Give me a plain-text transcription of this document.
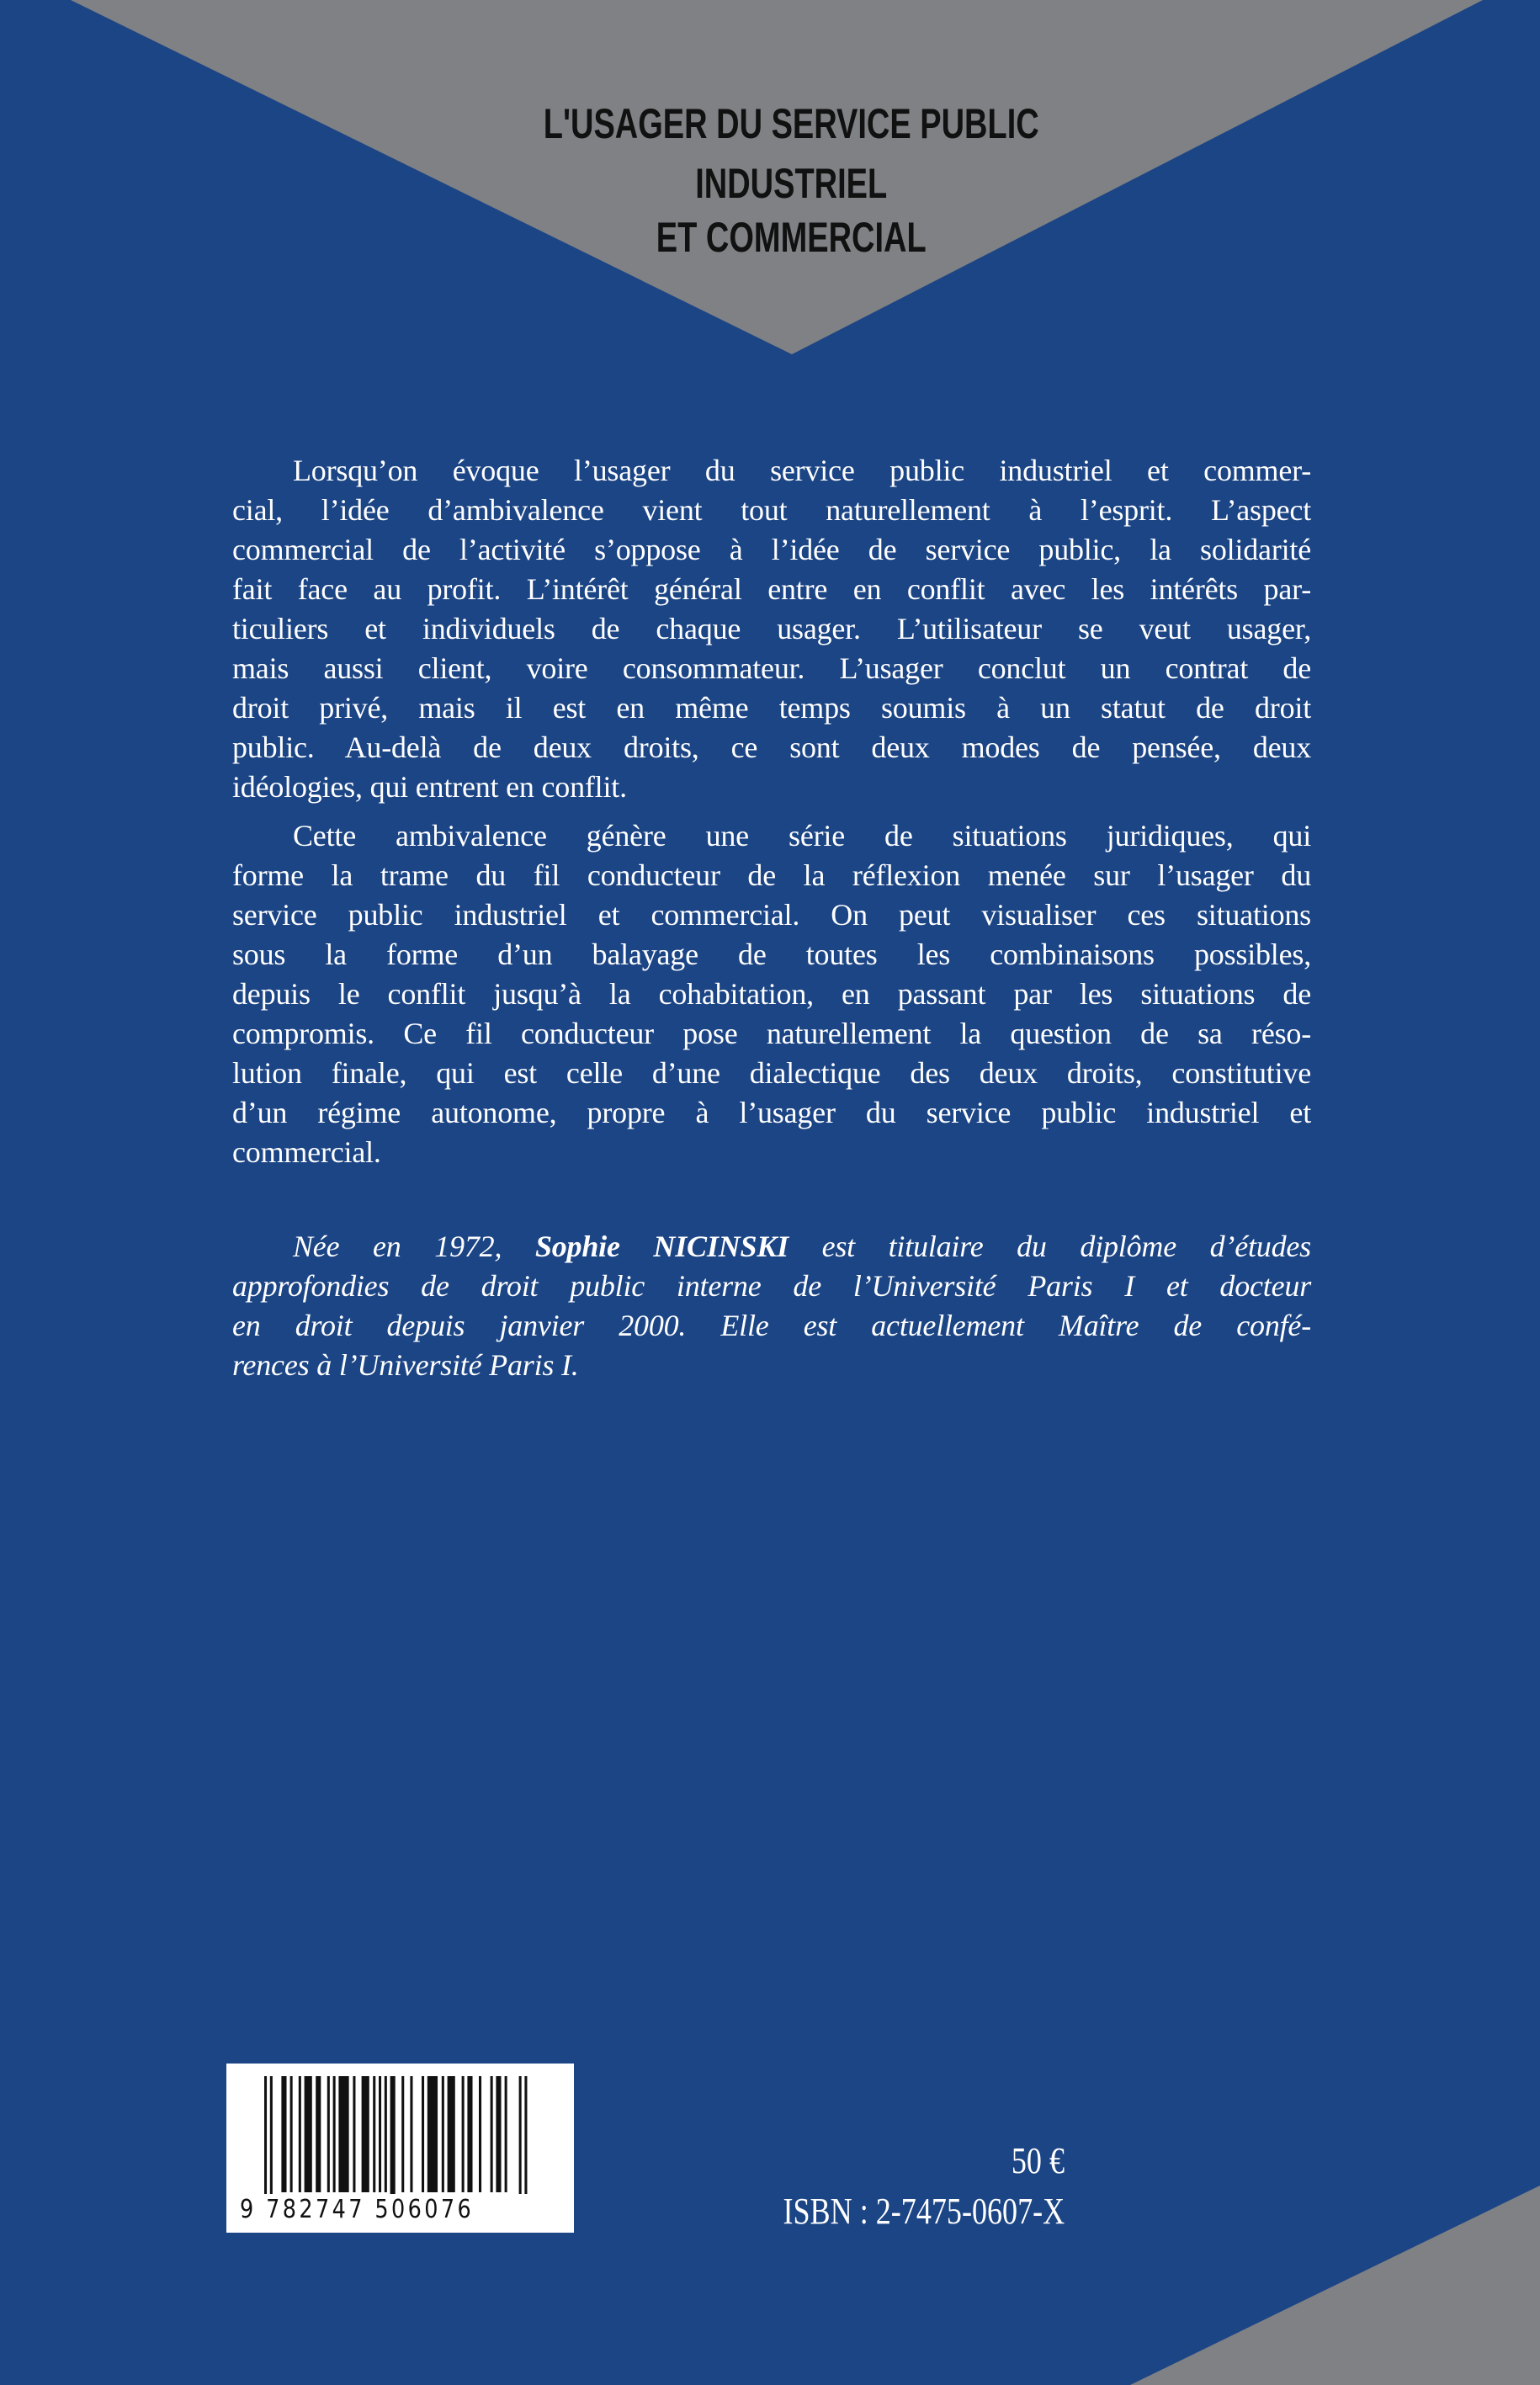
L'USAGER DU SERVICE PUBLIC
INDUSTRIEL
ET COMMERCIAL
Lorsqu’on évoque l’usager du service public industriel et commer-
cial, l’idée d’ambivalence vient tout naturellement à l’esprit. L’aspect
commercial de l’activité s’oppose à l’idée de service public, la solidarité
fait face au profit. L’intérêt général entre en conflit avec les intérêts par-
ticuliers et individuels de chaque usager. L’utilisateur se veut usager,
mais aussi client, voire consommateur. L’usager conclut un contrat de
droit privé, mais il est en même temps soumis à un statut de droit
public. Au-delà de deux droits, ce sont deux modes de pensée, deux
idéologies, qui entrent en conflit.
Cette ambivalence génère une série de situations juridiques, qui
forme la trame du fil conducteur de la réflexion menée sur l’usager du
service public industriel et commercial. On peut visualiser ces situations
sous la forme d’un balayage de toutes les combinaisons possibles,
depuis le conflit jusqu’à la cohabitation, en passant par les situations de
compromis. Ce fil conducteur pose naturellement la question de sa réso-
lution finale, qui est celle d’une dialectique des deux droits, constitutive
d’un régime autonome, propre à l’usager du service public industriel et
commercial.
Née en 1972, Sophie NICINSKI est titulaire du diplôme d’études
approfondies de droit public interne de l’Université Paris I et docteur
en droit depuis janvier 2000. Elle est actuellement Maître de confé-
rences à l’Université Paris I.
9 782747 506076
50 €
ISBN : 2-7475-0607-X
